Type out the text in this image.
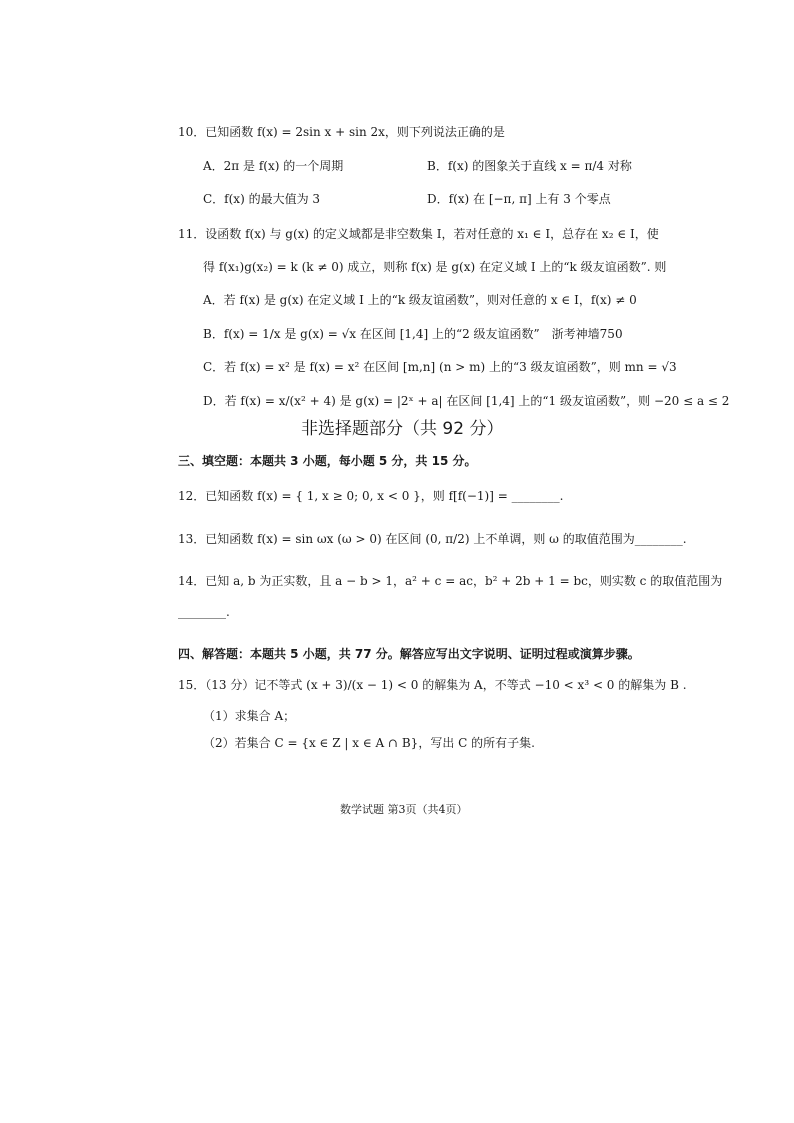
10．已知函数 f(x) = 2sin x + sin 2x，则下列说法正确的是
A．2π 是 f(x) 的一个周期	B．f(x) 的图象关于直线 x = π/4 对称
C．f(x) 的最大值为 3	D．f(x) 在 [−π, π] 上有 3 个零点
11．设函数 f(x) 与 g(x) 的定义域都是非空数集 I，若对任意的 x₁ ∈ I，总存在 x₂ ∈ I，使
得 f(x₁)g(x₂) = k (k ≠ 0) 成立，则称 f(x) 是 g(x) 在定义域 I 上的“k 级友谊函数”. 则
A．若 f(x) 是 g(x) 在定义域 I 上的“k 级友谊函数”，则对任意的 x ∈ I，f(x) ≠ 0
B．f(x) = 1/x 是 g(x) = √x 在区间 [1,4] 上的“2 级友谊函数”　浙考神墙750
C．若 f(x) = x² 是 f(x) = x² 在区间 [m,n] (n > m) 上的“3 级友谊函数”，则 mn = √3
D．若 f(x) = x/(x² + 4) 是 g(x) = |2ˣ + a| 在区间 [1,4] 上的“1 级友谊函数”，则 −20 ≤ a ≤ 2
非选择题部分（共 92 分）
三、填空题：本题共 3 小题，每小题 5 分，共 15 分。
12．已知函数 f(x) = { 1, x ≥ 0; 0, x < 0 }，则 f[f(−1)] = ________.
13．已知函数 f(x) = sin ωx (ω > 0) 在区间 (0, π/2) 上不单调，则 ω 的取值范围为________.
14．已知 a, b 为正实数，且 a − b > 1，a² + c = ac，b² + 2b + 1 = bc，则实数 c 的取值范围为
________.
四、解答题：本题共 5 小题，共 77 分。解答应写出文字说明、证明过程或演算步骤。
15．（13 分）记不等式 (x + 3)/(x − 1) < 0 的解集为 A，不等式 −10 < x³ < 0 的解集为 B .
（1）求集合 A；
（2）若集合 C = {x ∈ Z | x ∈ A ∩ B}，写出 C 的所有子集.
数学试题 第3页（共4页）
